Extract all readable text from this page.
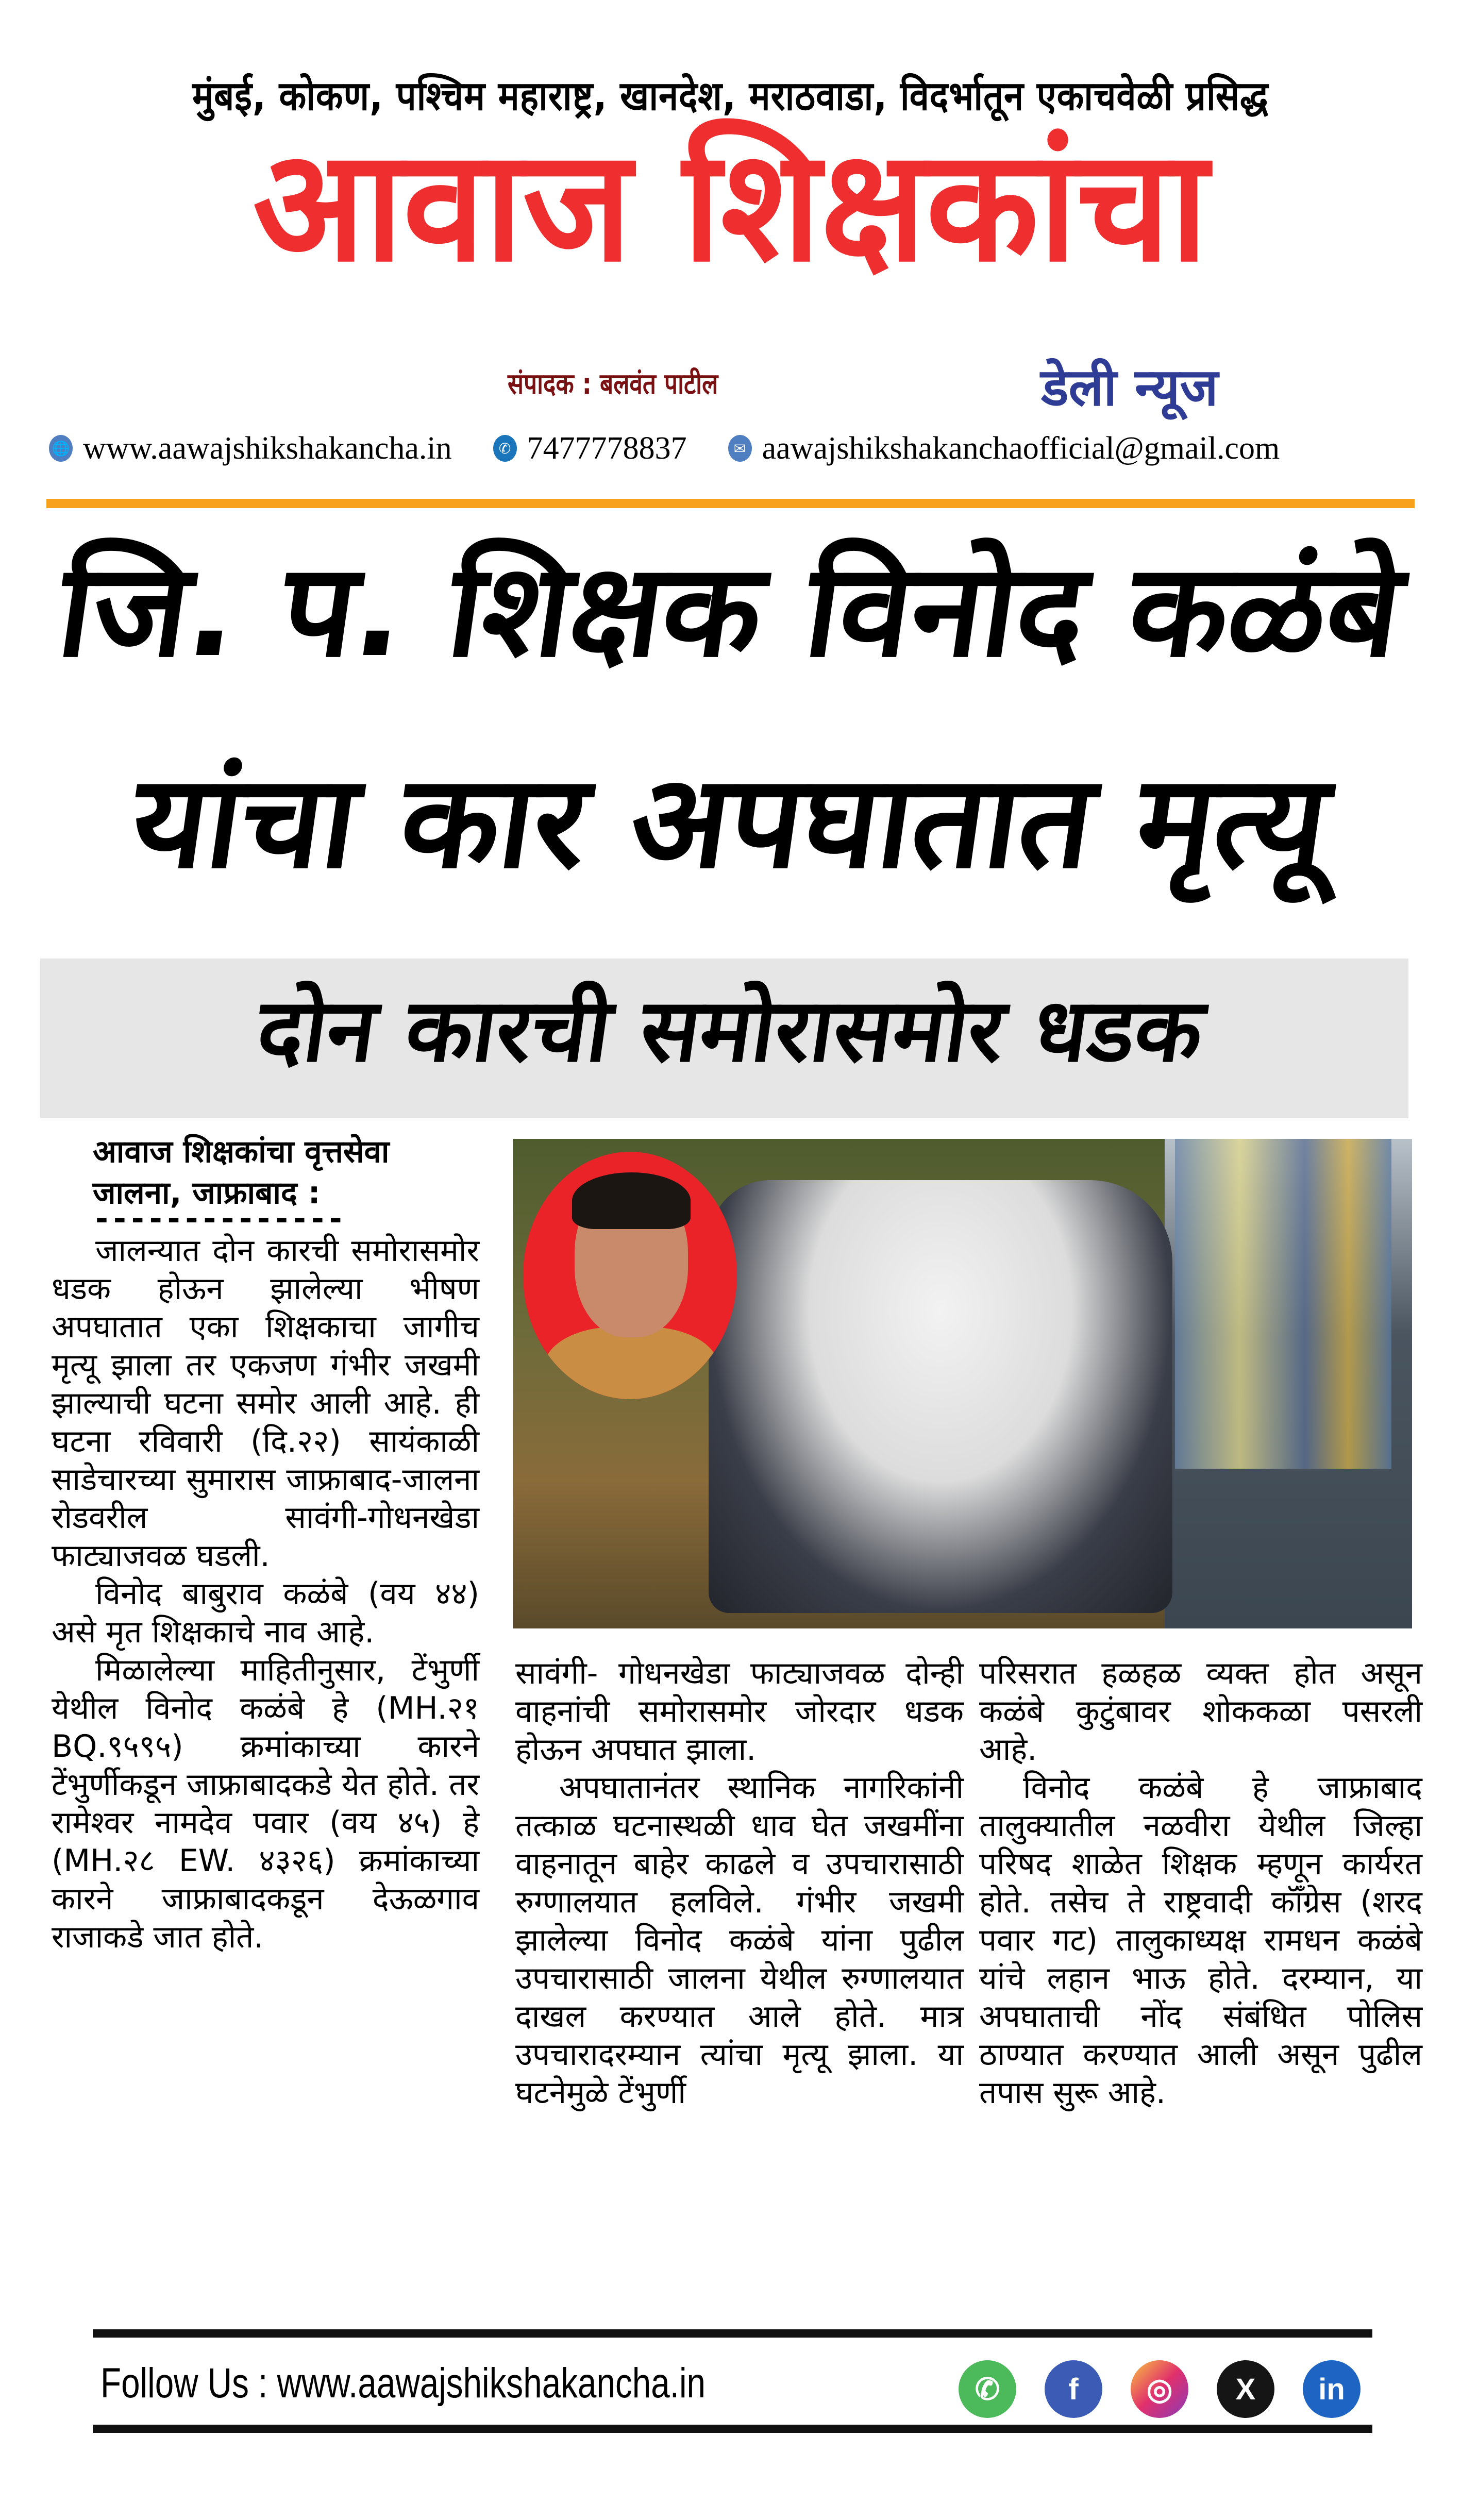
मुंबई, कोकण, पश्चिम महाराष्ट्र, खानदेश, मराठवाडा, विदर्भातून एकाचवेळी प्रसिद्ध
आवाज शिक्षकांचा
संपादक : बलवंत पाटील	डेली न्यूज
🌐 www.aawajshikshakancha.in	✆ 7477778837	✉ aawajshikshakanchaofficial@gmail.com
जि. प. शिक्षक विनोद कळंबे
यांचा कार अपघातात मृत्यू
दोन कारची समोरासमोर धडक
आवाज शिक्षकांचा वृत्तसेवा
जालना, जाफ्राबाद :
--------------

जालन्यात दोन कारची समोरासमोर धडक होऊन झालेल्या भीषण अपघातात एका शिक्षकाचा जागीच मृत्यू झाला तर एकजण गंभीर जखमी झाल्याची घटना समोर आली आहे. ही घटना रविवारी (दि.२२) सायंकाळी साडेचारच्या सुमारास जाफ्राबाद-जालना रोडवरील सावंगी-गोधनखेडा फाट्याजवळ घडली.

विनोद बाबुराव कळंबे (वय ४४) असे मृत शिक्षकाचे नाव आहे.

मिळालेल्या माहितीनुसार, टेंभुर्णी येथील विनोद कळंबे हे (MH.२१ BQ.९५९५) क्रमांकाच्या कारने टेंभुर्णीकडून जाफ्राबादकडे येत होते. तर रामेश्वर नामदेव पवार (वय ४५) हे (MH.२८ EW. ४३२६) क्रमांकाच्या कारने जाफ्राबादकडून देऊळगाव राजाकडे जात होते.

सावंगी- गोधनखेडा फाट्याजवळ दोन्ही वाहनांची समोरासमोर जोरदार धडक होऊन अपघात झाला.

अपघातानंतर स्थानिक नागरिकांनी तत्काळ घटनास्थळी धाव घेत जखमींना वाहनातून बाहेर काढले व उपचारासाठी रुग्णालयात हलविले. गंभीर जखमी झालेल्या विनोद कळंबे यांना पुढील उपचारासाठी जालना येथील रुग्णालयात दाखल करण्यात आले होते. मात्र उपचारादरम्यान त्यांचा मृत्यू झाला. या घटनेमुळे टेंभुर्णी

परिसरात हळहळ व्यक्त होत असून कळंबे कुटुंबावर शोककळा पसरली आहे.

विनोद कळंबे हे जाफ्राबाद तालुक्यातील नळवीरा येथील जिल्हा परिषद शाळेत शिक्षक म्हणून कार्यरत होते. तसेच ते राष्ट्रवादी कॉँग्रेस (शरद पवार गट) तालुकाध्यक्ष रामधन कळंबे यांचे लहान भाऊ होते. दरम्यान, या अपघाताची नोंद संबंधित पोलिस ठाण्यात करण्यात आली असून पुढील तपास सुरू आहे.

Follow Us : www.aawajshikshakancha.in	✆	f	◎	X	in
